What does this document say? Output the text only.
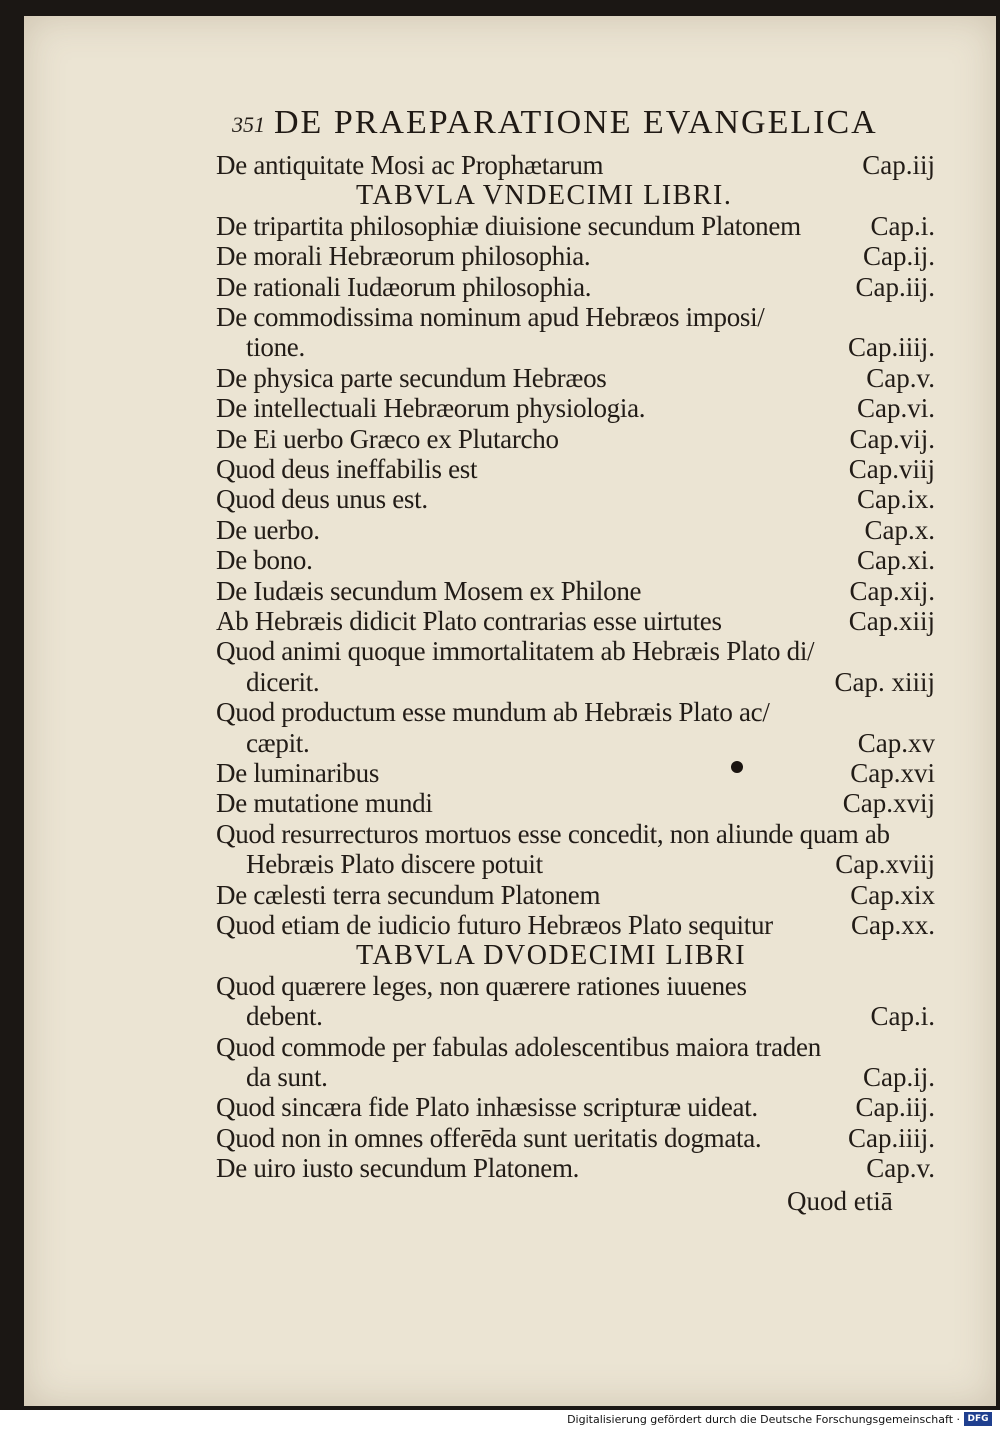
351 DE PRAEPARATIONE EVANGELICA
De antiquitate Mosi ac Prophætarum	Cap.iij
TABVLA VNDECIMI LIBRI.
De tripartita philosophiæ diuisione secundum Platonem	Cap.i.
De morali Hebræorum philosophia.	Cap.ij.
De rationali Iudæorum philosophia.	Cap.iij.
De commodissima nominum apud Hebræos imposi/
tione.	Cap.iiij.
De physica parte secundum Hebræos	Cap.v.
De intellectuali Hebræorum physiologia.	Cap.vi.
De Ei uerbo Græco ex Plutarcho	Cap.vij.
Quod deus ineffabilis est	Cap.viij
Quod deus unus est.	Cap.ix.
De uerbo.	Cap.x.
De bono.	Cap.xi.
De Iudæis secundum Mosem ex Philone	Cap.xij.
Ab Hebræis didicit Plato contrarias esse uirtutes	Cap.xiij
Quod animi quoque immortalitatem ab Hebræis Plato di/
dicerit.	Cap. xiiij
Quod productum esse mundum ab Hebræis Plato ac/
cæpit.	Cap.xv
De luminaribus	Cap.xvi
De mutatione mundi	Cap.xvij
Quod resurrecturos mortuos esse concedit, non aliunde quam ab
Hebræis Plato discere potuit	Cap.xviij
De cælesti terra secundum Platonem	Cap.xix
Quod etiam de iudicio futuro Hebræos Plato sequitur	Cap.xx.
TABVLA DVODECIMI LIBRI
Quod quærere leges, non quærere rationes iuuenes
debent.	Cap.i.
Quod commode per fabulas adolescentibus maiora traden
da sunt.	Cap.ij.
Quod sincæra fide Plato inhæsisse scripturæ uideat.	Cap.iij.
Quod non in omnes offerēda sunt ueritatis dogmata.	Cap.iiij.
De uiro iusto secundum Platonem.	Cap.v.
Quod etiā
Digitalisierung gefördert durch die Deutsche Forschungsgemeinschaft · DFG
